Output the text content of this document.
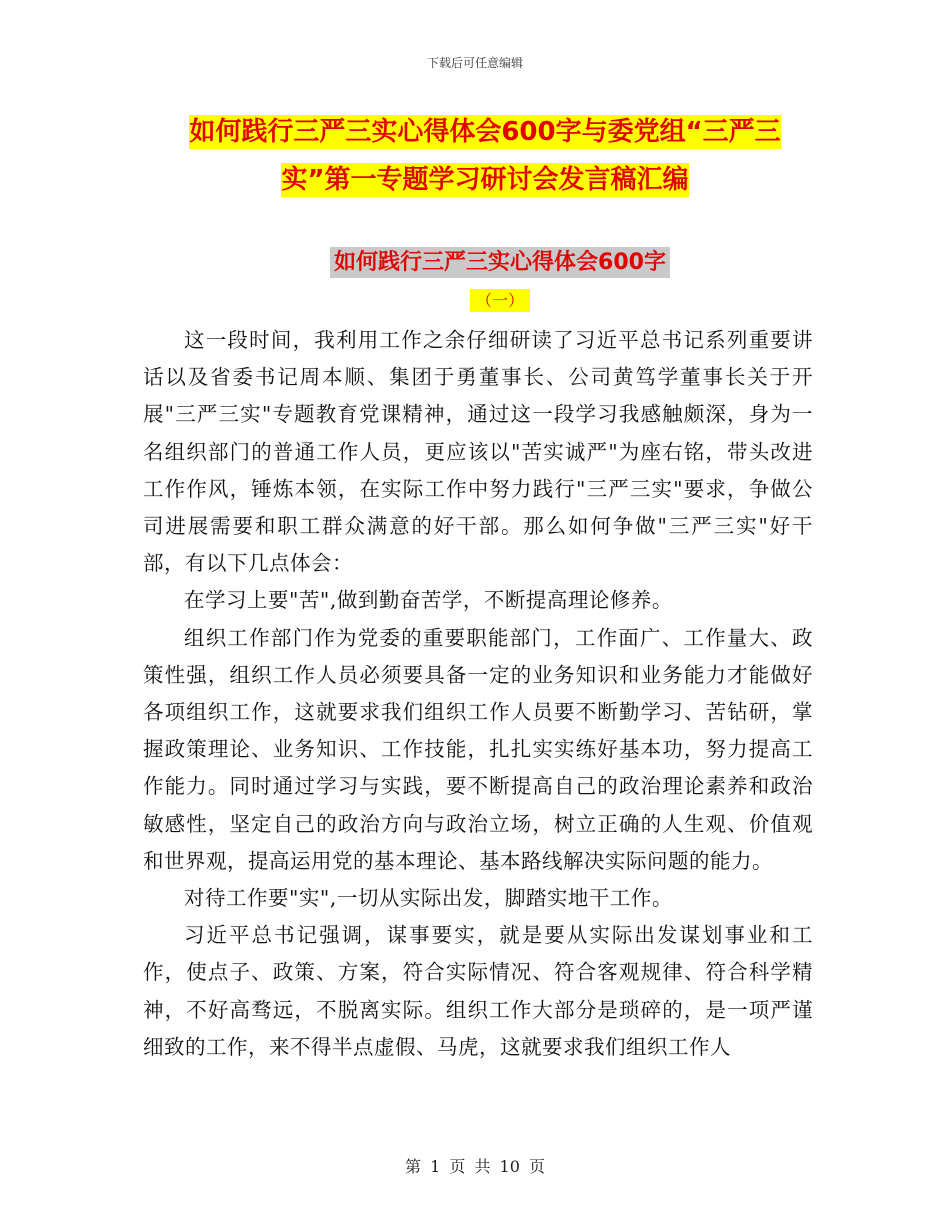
下载后可任意编辑
如何践行三严三实心得体会600字与委党组“三严三
实”第一专题学习研讨会发言稿汇编
如何践行三严三实心得体会600字
（一）

这一段时间，我利用工作之余仔细研读了习近平总书记系列重要讲话以及省委书记周本顺、集团于勇董事长、公司黄笃学董事长关于开展"三严三实"专题教育党课精神，通过这一段学习我感触颇深，身为一名组织部门的普通工作人员，更应该以"苦实诚严"为座右铭，带头改进工作作风，锤炼本领，在实际工作中努力践行"三严三实"要求，争做公司进展需要和职工群众满意的好干部。那么如何争做"三严三实"好干部，有以下几点体会：

在学习上要"苦",做到勤奋苦学，不断提高理论修养。

组织工作部门作为党委的重要职能部门，工作面广、工作量大、政策性强，组织工作人员必须要具备一定的业务知识和业务能力才能做好各项组织工作，这就要求我们组织工作人员要不断勤学习、苦钻研，掌握政策理论、业务知识、工作技能，扎扎实实练好基本功，努力提高工作能力。同时通过学习与实践，要不断提高自己的政治理论素养和政治敏感性，坚定自己的政治方向与政治立场，树立正确的人生观、价值观和世界观，提高运用党的基本理论、基本路线解决实际问题的能力。

对待工作要"实",一切从实际出发，脚踏实地干工作。

习近平总书记强调，谋事要实，就是要从实际出发谋划事业和工作，使点子、政策、方案，符合实际情况、符合客观规律、符合科学精神，不好高骛远，不脱离实际。组织工作大部分是琐碎的，是一项严谨细致的工作，来不得半点虚假、马虎，这就要求我们组织工作人

第 1 页 共 10 页
